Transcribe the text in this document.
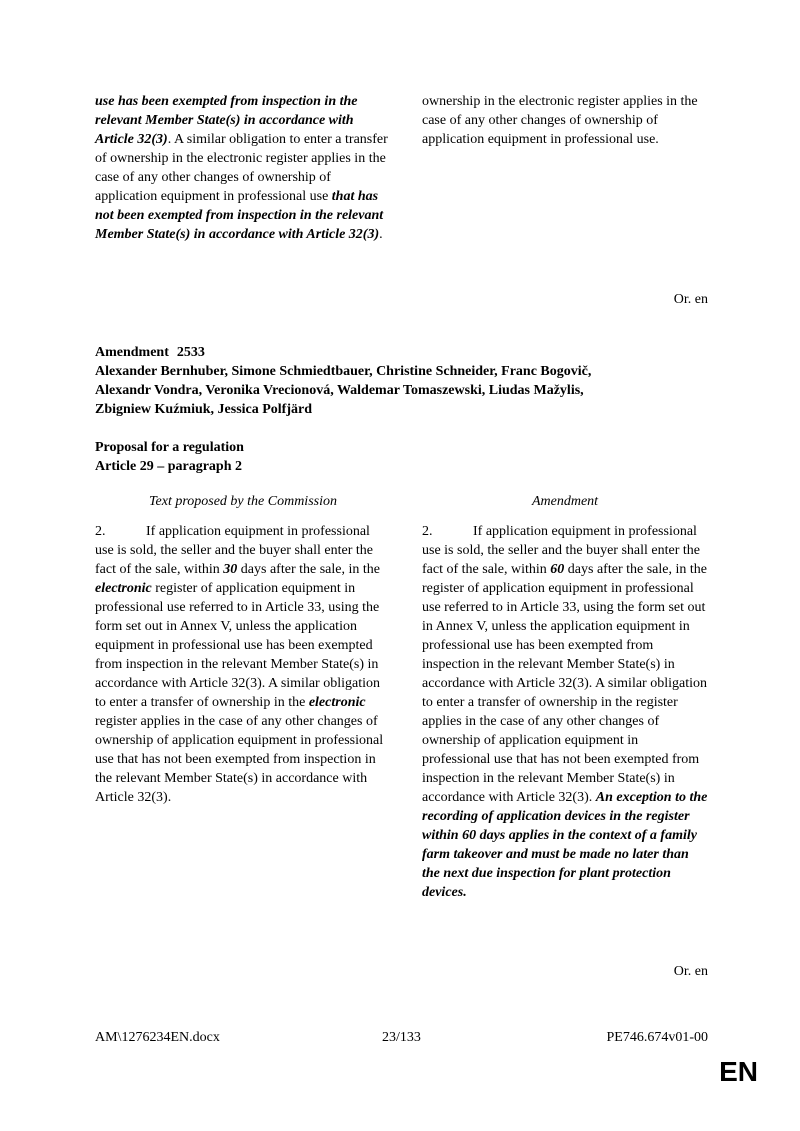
use has been exempted from inspection in the relevant Member State(s) in accordance with Article 32(3). A similar obligation to enter a transfer of ownership in the electronic register applies in the case of any other changes of ownership of application equipment in professional use that has not been exempted from inspection in the relevant Member State(s) in accordance with Article 32(3).

ownership in the electronic register applies in the case of any other changes of ownership of application equipment in professional use.

Or. en
Amendment 2533
Alexander Bernhuber, Simone Schmiedtbauer, Christine Schneider, Franc Bogovič,
Alexandr Vondra, Veronika Vrecionová, Waldemar Tomaszewski, Liudas Mažylis,
Zbigniew Kuźmiuk, Jessica Polfjärd
Proposal for a regulation
Article 29 – paragraph 2
Text proposed by the Commission	Amendment

2.	If application equipment in professional use is sold, the seller and the buyer shall enter the fact of the sale, within 30 days after the sale, in the electronic register of application equipment in professional use referred to in Article 33, using the form set out in Annex V, unless the application equipment in professional use has been exempted from inspection in the relevant Member State(s) in accordance with Article 32(3). A similar obligation to enter a transfer of ownership in the electronic register applies in the case of any other changes of ownership of application equipment in professional use that has not been exempted from inspection in the relevant Member State(s) in accordance with Article 32(3).

2.	If application equipment in professional use is sold, the seller and the buyer shall enter the fact of the sale, within 60 days after the sale, in the register of application equipment in professional use referred to in Article 33, using the form set out in Annex V, unless the application equipment in professional use has been exempted from inspection in the relevant Member State(s) in accordance with Article 32(3). A similar obligation to enter a transfer of ownership in the register applies in the case of any other changes of ownership of application equipment in professional use that has not been exempted from inspection in the relevant Member State(s) in accordance with Article 32(3). An exception to the recording of application devices in the register within 60 days applies in the context of a family farm takeover and must be made no later than the next due inspection for plant protection devices.

Or. en
AM\1276234EN.docx	23/133	PE746.674v01-00
EN
